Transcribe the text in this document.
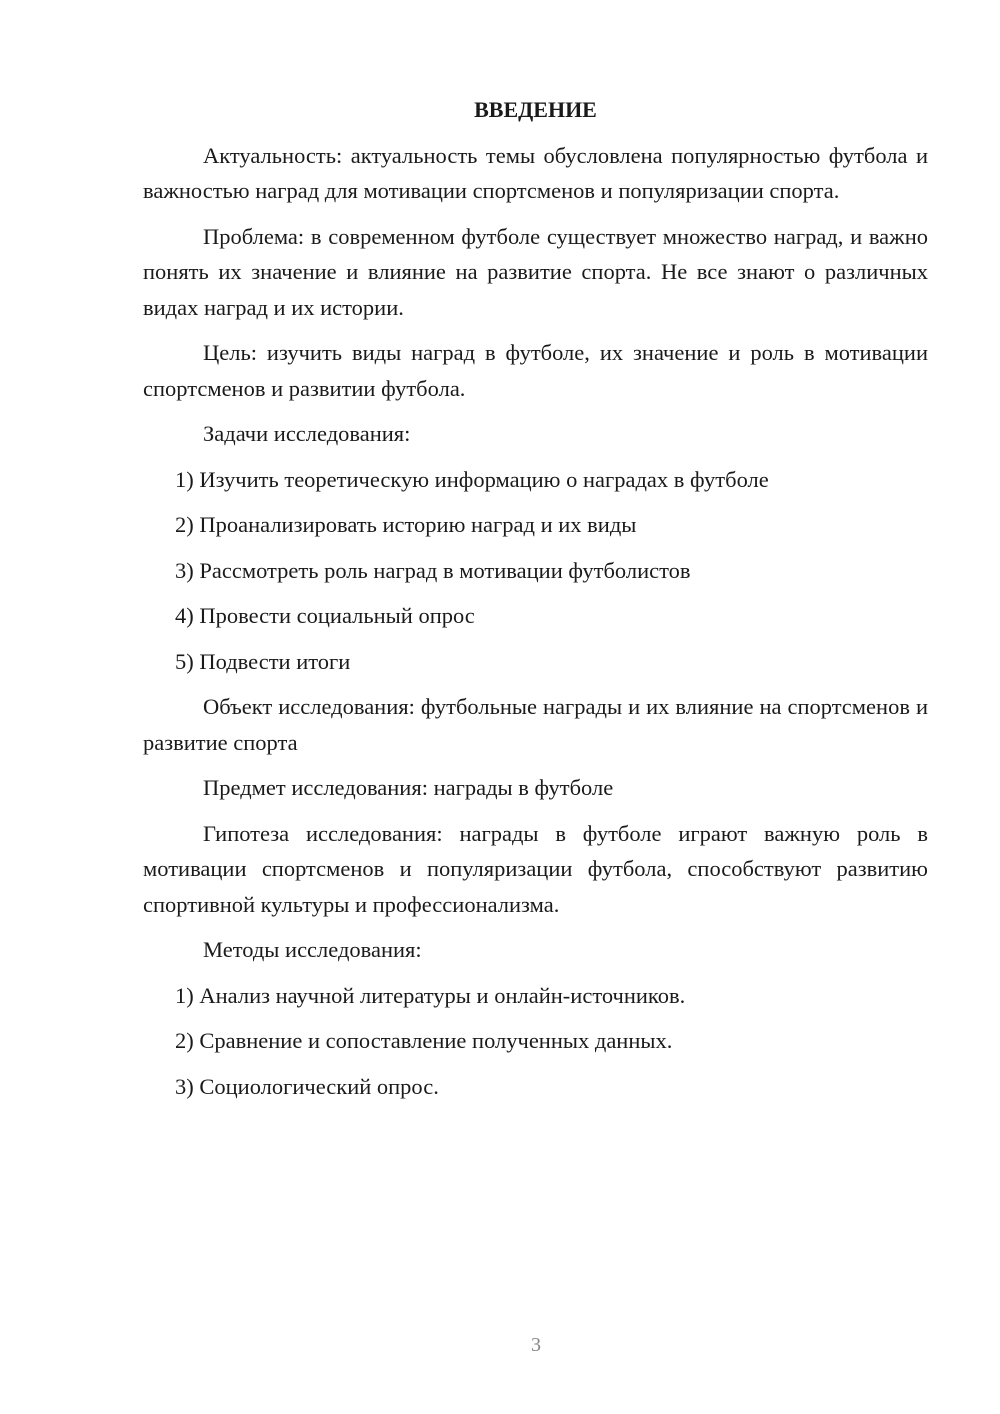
ВВЕДЕНИЕ

Актуальность: актуальность темы обусловлена популярностью футбола и важностью наград для мотивации спортсменов и популяризации спорта.

Проблема: в современном футболе существует множество наград, и важно понять их значение и влияние на развитие спорта. Не все знают о различных видах наград и их истории.

Цель: изучить виды наград в футболе, их значение и роль в мотивации спортсменов и развитии футбола.

Задачи исследования:

1) Изучить теоретическую информацию о наградах в футболе

2) Проанализировать историю наград и их виды

3) Рассмотреть роль наград в мотивации футболистов

4) Провести социальный опрос

5) Подвести итоги

Объект исследования: футбольные награды и их влияние на спортсменов и развитие спорта

Предмет исследования: награды в футболе

Гипотеза исследования: награды в футболе играют важную роль в мотивации спортсменов и популяризации футбола, способствуют развитию спортивной культуры и профессионализма.

Методы исследования:

1) Анализ научной литературы и онлайн-источников.

2) Сравнение и сопоставление полученных данных.

3) Социологический опрос.

3
